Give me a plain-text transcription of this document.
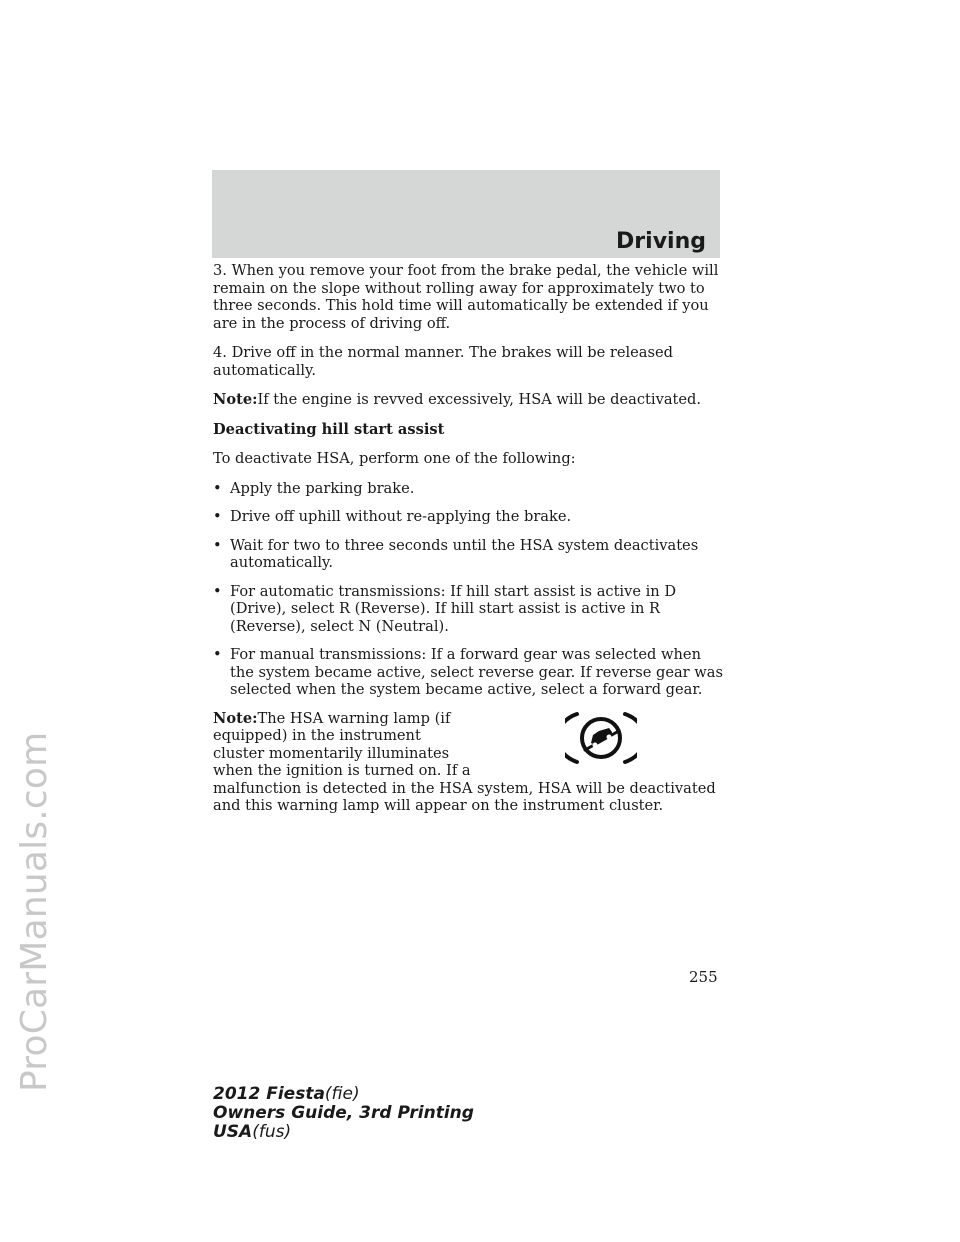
ProCarManuals.com
Driving

3. When you remove your foot from the brake pedal, the vehicle will remain on the slope without rolling away for approximately two to three seconds. This hold time will automatically be extended if you are in the process of driving off.

4. Drive off in the normal manner. The brakes will be released automatically.

Note:If the engine is revved excessively, HSA will be deactivated.

Deactivating hill start assist

To deactivate HSA, perform one of the following:

• Apply the parking brake.
• Drive off uphill without re-applying the brake.
• Wait for two to three seconds until the HSA system deactivates automatically.
• For automatic transmissions: If hill start assist is active in D (Drive), select R (Reverse). If hill start assist is active in R (Reverse), select N (Neutral).
• For manual transmissions: If a forward gear was selected when the system became active, select reverse gear. If reverse gear was selected when the system became active, select a forward gear.
Note:The HSA warning lamp (if equipped) in the instrument cluster momentarily illuminates when the ignition is turned on. If a
malfunction is detected in the HSA system, HSA will be deactivated and this warning lamp will appear on the instrument cluster.
255
2012 Fiesta(fie)
Owners Guide, 3rd Printing
USA(fus)
